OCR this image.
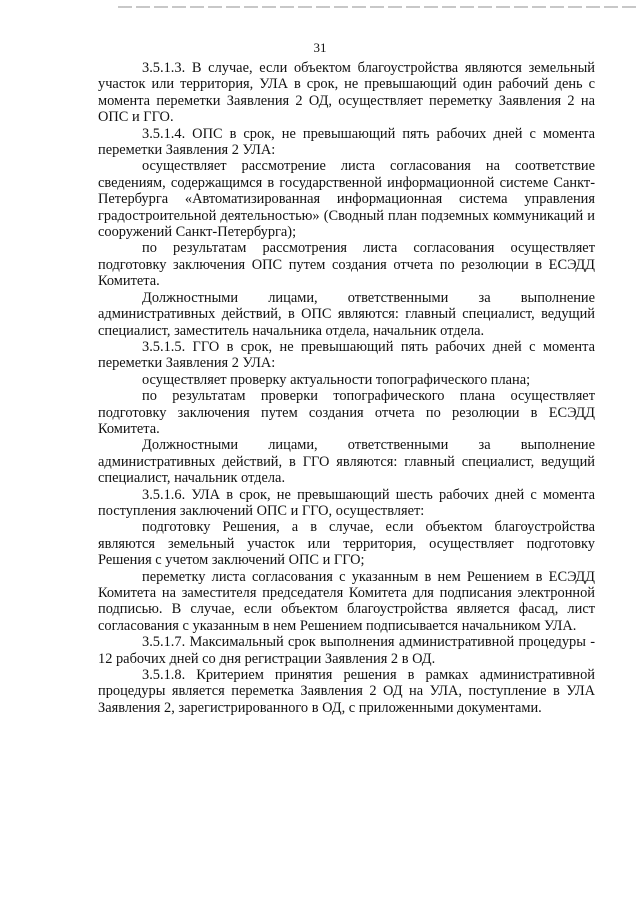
31

3.5.1.3. В случае, если объектом благоустройства являются земельный участок или территория, УЛА в срок, не превышающий один рабочий день с момента переметки Заявления 2 ОД, осуществляет переметку Заявления 2 на ОПС и ГГО.

3.5.1.4. ОПС в срок, не превышающий пять рабочих дней с момента переметки Заявления 2 УЛА:

осуществляет рассмотрение листа согласования на соответствие сведениям, содержащимся в государственной информационной системе Санкт-Петербурга «Автоматизированная информационная система управления градостроительной деятельностью» (Сводный план подземных коммуникаций и сооружений Санкт-Петербурга);

по результатам рассмотрения листа согласования осуществляет подготовку заключения ОПС путем создания отчета по резолюции в ЕСЭДД Комитета.

Должностными лицами, ответственными за выполнение административных действий, в ОПС являются: главный специалист, ведущий специалист, заместитель начальника отдела, начальник отдела.

3.5.1.5. ГГО в срок, не превышающий пять рабочих дней с момента переметки Заявления 2 УЛА:

осуществляет проверку актуальности топографического плана;

по результатам проверки топографического плана осуществляет подготовку заключения путем создания отчета по резолюции в ЕСЭДД Комитета.

Должностными лицами, ответственными за выполнение административных действий, в ГГО являются: главный специалист, ведущий специалист, начальник отдела.

3.5.1.6. УЛА в срок, не превышающий шесть рабочих дней с момента поступления заключений ОПС и ГГО, осуществляет:

подготовку Решения, а в случае, если объектом благоустройства являются земельный участок или территория, осуществляет подготовку Решения с учетом заключений ОПС и ГГО;

переметку листа согласования с указанным в нем Решением в ЕСЭДД Комитета на заместителя председателя Комитета для подписания электронной подписью. В случае, если объектом благоустройства является фасад, лист согласования с указанным в нем Решением подписывается начальником УЛА.

3.5.1.7. Максимальный срок выполнения административной процедуры - 12 рабочих дней со дня регистрации Заявления 2 в ОД.

3.5.1.8. Критерием принятия решения в рамках административной процедуры является переметка Заявления 2 ОД на УЛА, поступление в УЛА Заявления 2, зарегистрированного в ОД, с приложенными документами.
